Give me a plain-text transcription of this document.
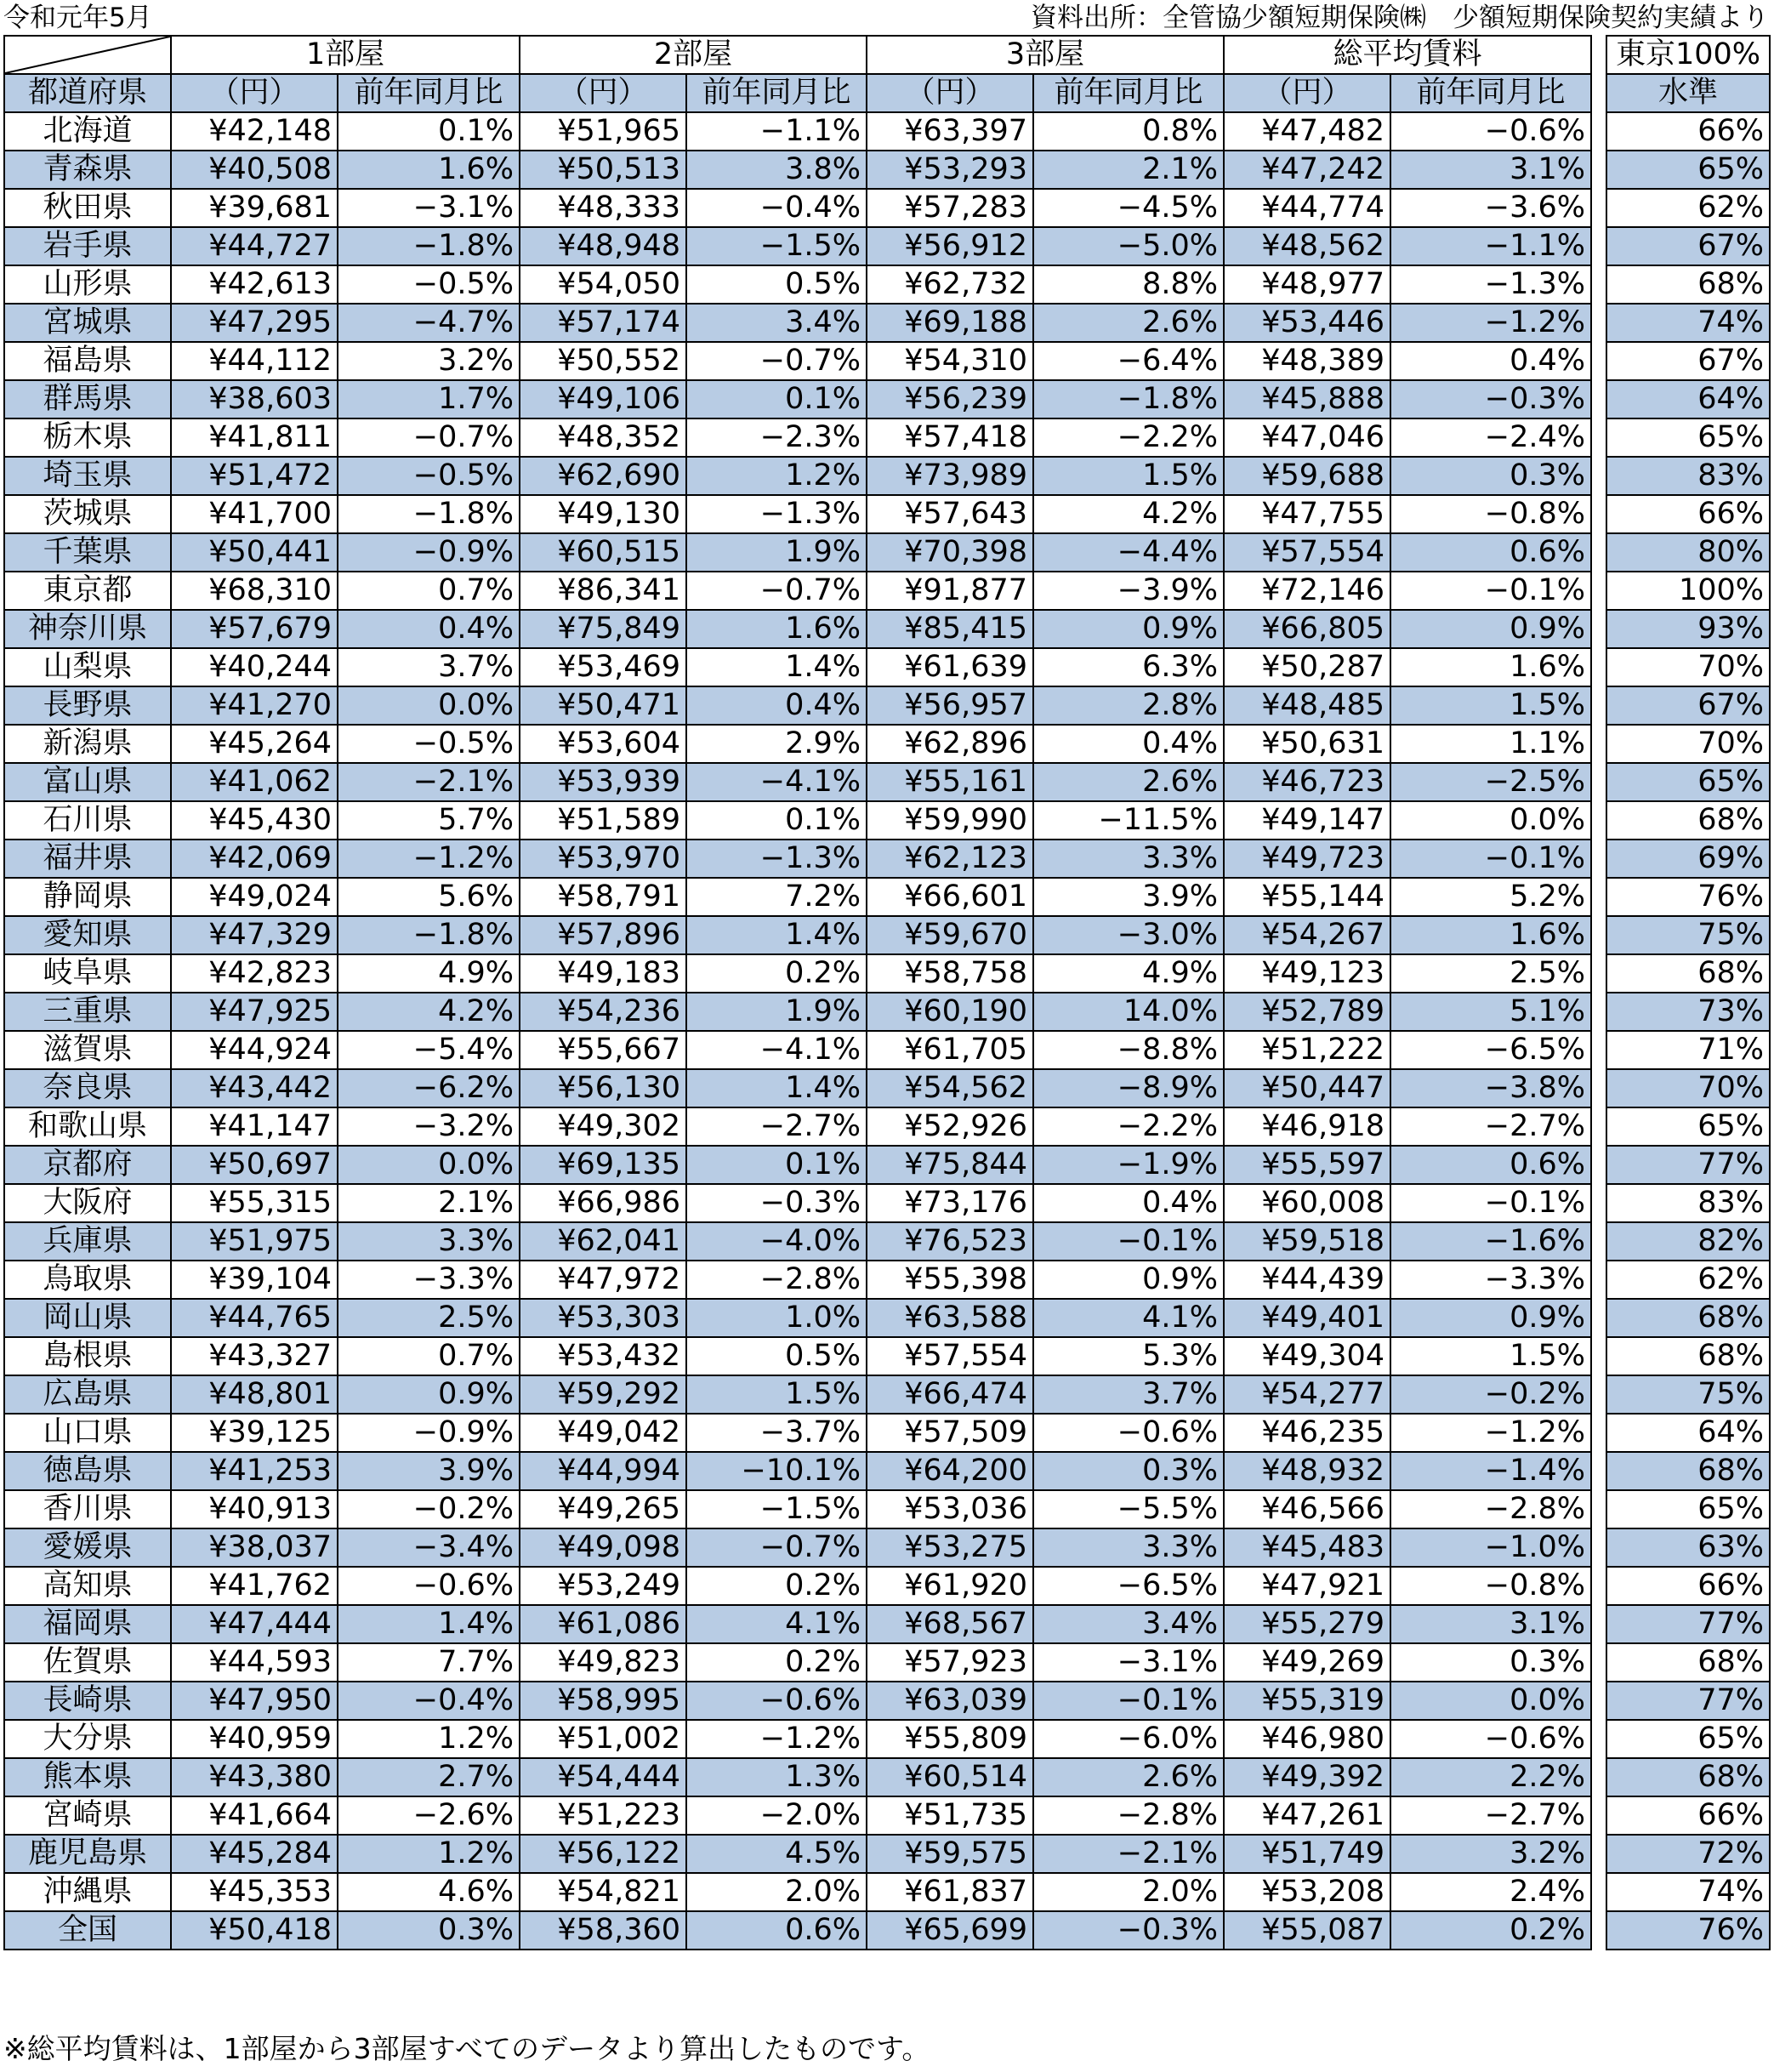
令和元年5月	資料出所：全管協少額短期保険㈱　少額短期保険契約実績より
	1部屋		2部屋		3部屋		総平均賃料			東京100%
都道府県	（円）	前年同月比	（円）	前年同月比	（円）	前年同月比	（円）	前年同月比		水準
北海道	¥42,148	0.1%	¥51,965	−1.1%	¥63,397	0.8%	¥47,482	−0.6%		66%
青森県	¥40,508	1.6%	¥50,513	3.8%	¥53,293	2.1%	¥47,242	3.1%		65%
秋田県	¥39,681	−3.1%	¥48,333	−0.4%	¥57,283	−4.5%	¥44,774	−3.6%		62%
岩手県	¥44,727	−1.8%	¥48,948	−1.5%	¥56,912	−5.0%	¥48,562	−1.1%		67%
山形県	¥42,613	−0.5%	¥54,050	0.5%	¥62,732	8.8%	¥48,977	−1.3%		68%
宮城県	¥47,295	−4.7%	¥57,174	3.4%	¥69,188	2.6%	¥53,446	−1.2%		74%
福島県	¥44,112	3.2%	¥50,552	−0.7%	¥54,310	−6.4%	¥48,389	0.4%		67%
群馬県	¥38,603	1.7%	¥49,106	0.1%	¥56,239	−1.8%	¥45,888	−0.3%		64%
栃木県	¥41,811	−0.7%	¥48,352	−2.3%	¥57,418	−2.2%	¥47,046	−2.4%		65%
埼玉県	¥51,472	−0.5%	¥62,690	1.2%	¥73,989	1.5%	¥59,688	0.3%		83%
茨城県	¥41,700	−1.8%	¥49,130	−1.3%	¥57,643	4.2%	¥47,755	−0.8%		66%
千葉県	¥50,441	−0.9%	¥60,515	1.9%	¥70,398	−4.4%	¥57,554	0.6%		80%
東京都	¥68,310	0.7%	¥86,341	−0.7%	¥91,877	−3.9%	¥72,146	−0.1%		100%
神奈川県	¥57,679	0.4%	¥75,849	1.6%	¥85,415	0.9%	¥66,805	0.9%		93%
山梨県	¥40,244	3.7%	¥53,469	1.4%	¥61,639	6.3%	¥50,287	1.6%		70%
長野県	¥41,270	0.0%	¥50,471	0.4%	¥56,957	2.8%	¥48,485	1.5%		67%
新潟県	¥45,264	−0.5%	¥53,604	2.9%	¥62,896	0.4%	¥50,631	1.1%		70%
富山県	¥41,062	−2.1%	¥53,939	−4.1%	¥55,161	2.6%	¥46,723	−2.5%		65%
石川県	¥45,430	5.7%	¥51,589	0.1%	¥59,990	−11.5%	¥49,147	0.0%		68%
福井県	¥42,069	−1.2%	¥53,970	−1.3%	¥62,123	3.3%	¥49,723	−0.1%		69%
静岡県	¥49,024	5.6%	¥58,791	7.2%	¥66,601	3.9%	¥55,144	5.2%		76%
愛知県	¥47,329	−1.8%	¥57,896	1.4%	¥59,670	−3.0%	¥54,267	1.6%		75%
岐阜県	¥42,823	4.9%	¥49,183	0.2%	¥58,758	4.9%	¥49,123	2.5%		68%
三重県	¥47,925	4.2%	¥54,236	1.9%	¥60,190	14.0%	¥52,789	5.1%		73%
滋賀県	¥44,924	−5.4%	¥55,667	−4.1%	¥61,705	−8.8%	¥51,222	−6.5%		71%
奈良県	¥43,442	−6.2%	¥56,130	1.4%	¥54,562	−8.9%	¥50,447	−3.8%		70%
和歌山県	¥41,147	−3.2%	¥49,302	−2.7%	¥52,926	−2.2%	¥46,918	−2.7%		65%
京都府	¥50,697	0.0%	¥69,135	0.1%	¥75,844	−1.9%	¥55,597	0.6%		77%
大阪府	¥55,315	2.1%	¥66,986	−0.3%	¥73,176	0.4%	¥60,008	−0.1%		83%
兵庫県	¥51,975	3.3%	¥62,041	−4.0%	¥76,523	−0.1%	¥59,518	−1.6%		82%
鳥取県	¥39,104	−3.3%	¥47,972	−2.8%	¥55,398	0.9%	¥44,439	−3.3%		62%
岡山県	¥44,765	2.5%	¥53,303	1.0%	¥63,588	4.1%	¥49,401	0.9%		68%
島根県	¥43,327	0.7%	¥53,432	0.5%	¥57,554	5.3%	¥49,304	1.5%		68%
広島県	¥48,801	0.9%	¥59,292	1.5%	¥66,474	3.7%	¥54,277	−0.2%		75%
山口県	¥39,125	−0.9%	¥49,042	−3.7%	¥57,509	−0.6%	¥46,235	−1.2%		64%
徳島県	¥41,253	3.9%	¥44,994	−10.1%	¥64,200	0.3%	¥48,932	−1.4%		68%
香川県	¥40,913	−0.2%	¥49,265	−1.5%	¥53,036	−5.5%	¥46,566	−2.8%		65%
愛媛県	¥38,037	−3.4%	¥49,098	−0.7%	¥53,275	3.3%	¥45,483	−1.0%		63%
高知県	¥41,762	−0.6%	¥53,249	0.2%	¥61,920	−6.5%	¥47,921	−0.8%		66%
福岡県	¥47,444	1.4%	¥61,086	4.1%	¥68,567	3.4%	¥55,279	3.1%		77%
佐賀県	¥44,593	7.7%	¥49,823	0.2%	¥57,923	−3.1%	¥49,269	0.3%		68%
長崎県	¥47,950	−0.4%	¥58,995	−0.6%	¥63,039	−0.1%	¥55,319	0.0%		77%
大分県	¥40,959	1.2%	¥51,002	−1.2%	¥55,809	−6.0%	¥46,980	−0.6%		65%
熊本県	¥43,380	2.7%	¥54,444	1.3%	¥60,514	2.6%	¥49,392	2.2%		68%
宮崎県	¥41,664	−2.6%	¥51,223	−2.0%	¥51,735	−2.8%	¥47,261	−2.7%		66%
鹿児島県	¥45,284	1.2%	¥56,122	4.5%	¥59,575	−2.1%	¥51,749	3.2%		72%
沖縄県	¥45,353	4.6%	¥54,821	2.0%	¥61,837	2.0%	¥53,208	2.4%		74%
全国	¥50,418	0.3%	¥58,360	0.6%	¥65,699	−0.3%	¥55,087	0.2%		76%
※総平均賃料は、1部屋から3部屋すべてのデータより算出したものです。
